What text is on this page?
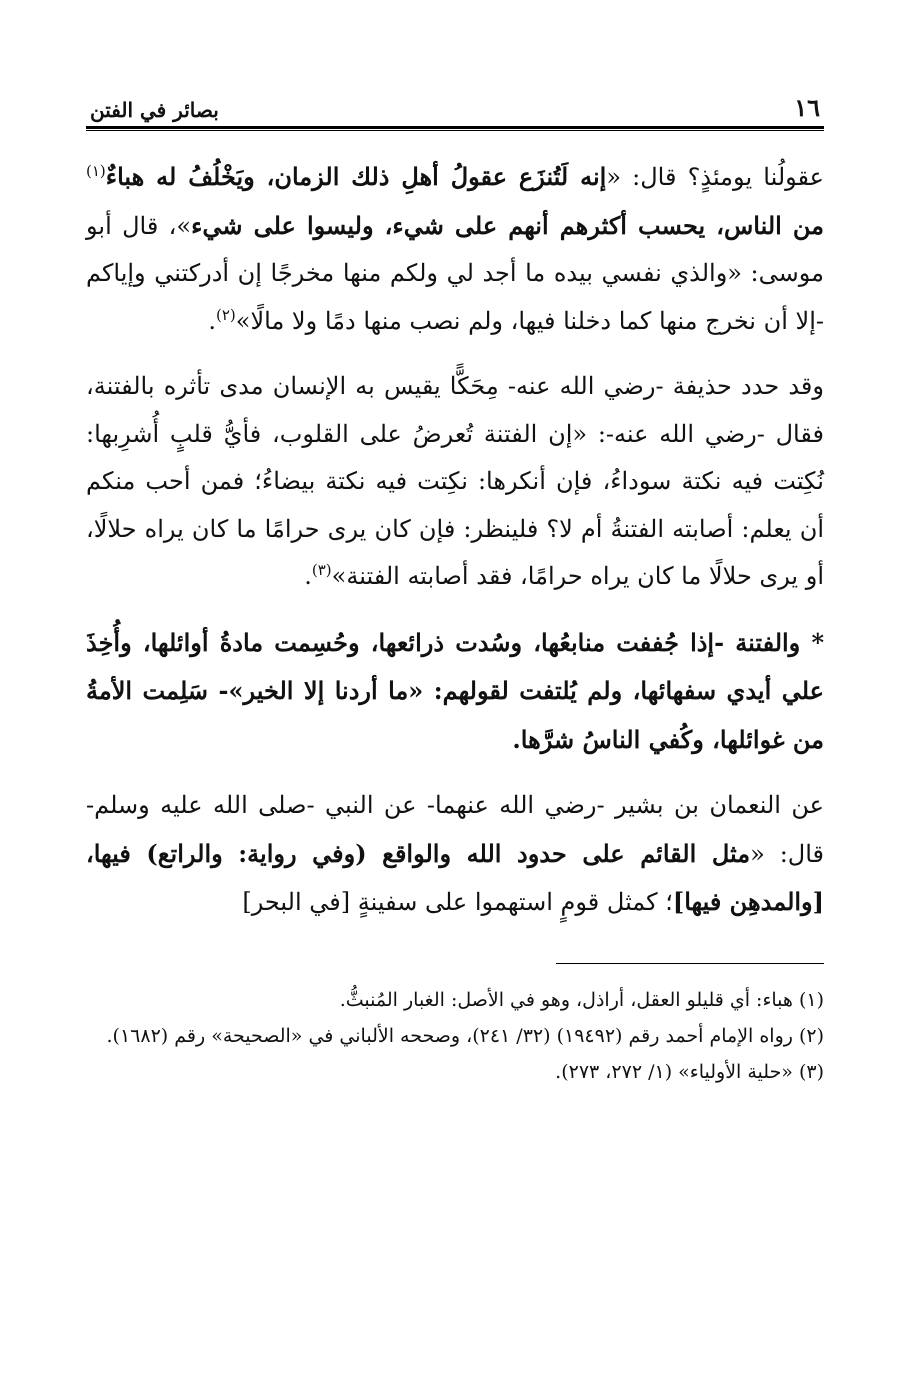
١٦
بصائر في الفتن

عقولُنا يومئذٍ؟ قال: «إنه لَتُنزَع عقولُ أهلِ ذلك الزمان، ويَخْلُفُ له هباءٌ$^{(١)}$ من الناس، يحسب أكثرهم أنهم على شيء، وليسوا على شيء»، قال أبو موسى: «والذي نفسي بيده ما أجد لي ولكم منها مخرجًا إن أدركتني وإياكم -إلا أن نخرج منها كما دخلنا فيها، ولم نصب منها دمًا ولا مالًا»$^{(٢)}$.

وقد حدد حذيفة -رضي الله عنه- مِحَكًّا يقيس به الإنسان مدى تأثره بالفتنة، فقال -رضي الله عنه-: «إن الفتنة تُعرضُ على القلوب، فأيُّ قلبٍ أُشرِبها: نُكِتت فيه نكتة سوداءُ، فإن أنكرها: نكِتت فيه نكتة بيضاءُ؛ فمن أحب منكم أن يعلم: أصابته الفتنةُ أم لا؟ فلينظر: فإن كان يرى حرامًا ما كان يراه حلالًا، أو يرى حلالًا ما كان يراه حرامًا، فقد أصابته الفتنة»$^{(٣)}$.

* والفتنة -إذا جُففت منابعُها، وسُدت ذرائعها، وحُسِمت مادةُ أوائلها، وأُخِذَ علي أيدي سفهائها، ولم يُلتفت لقولهم: «ما أردنا إلا الخير»- سَلِمت الأمةُ من غوائلها، وكُفي الناسُ شرَّها.

عن النعمان بن بشير -رضي الله عنهما- عن النبي -صلى الله عليه وسلم- قال: «مثل القائم على حدود الله والواقع (وفي رواية: والراتع) فيها، [والمدهِن فيها]؛ كمثل قومٍ استهموا على سفينةٍ [في البحر]

(١)هباء: أي قليلو العقل، أراذل، وهو في الأصل: الغبار المُنبثُّ.

(٢)رواه الإمام أحمد رقم (١٩٤٩٢) (٣٢/ ٢٤١)، وصححه الألباني في «الصحيحة» رقم (١٦٨٢).

(٣)«حلية الأولياء» (١/ ٢٧٢، ٢٧٣).
